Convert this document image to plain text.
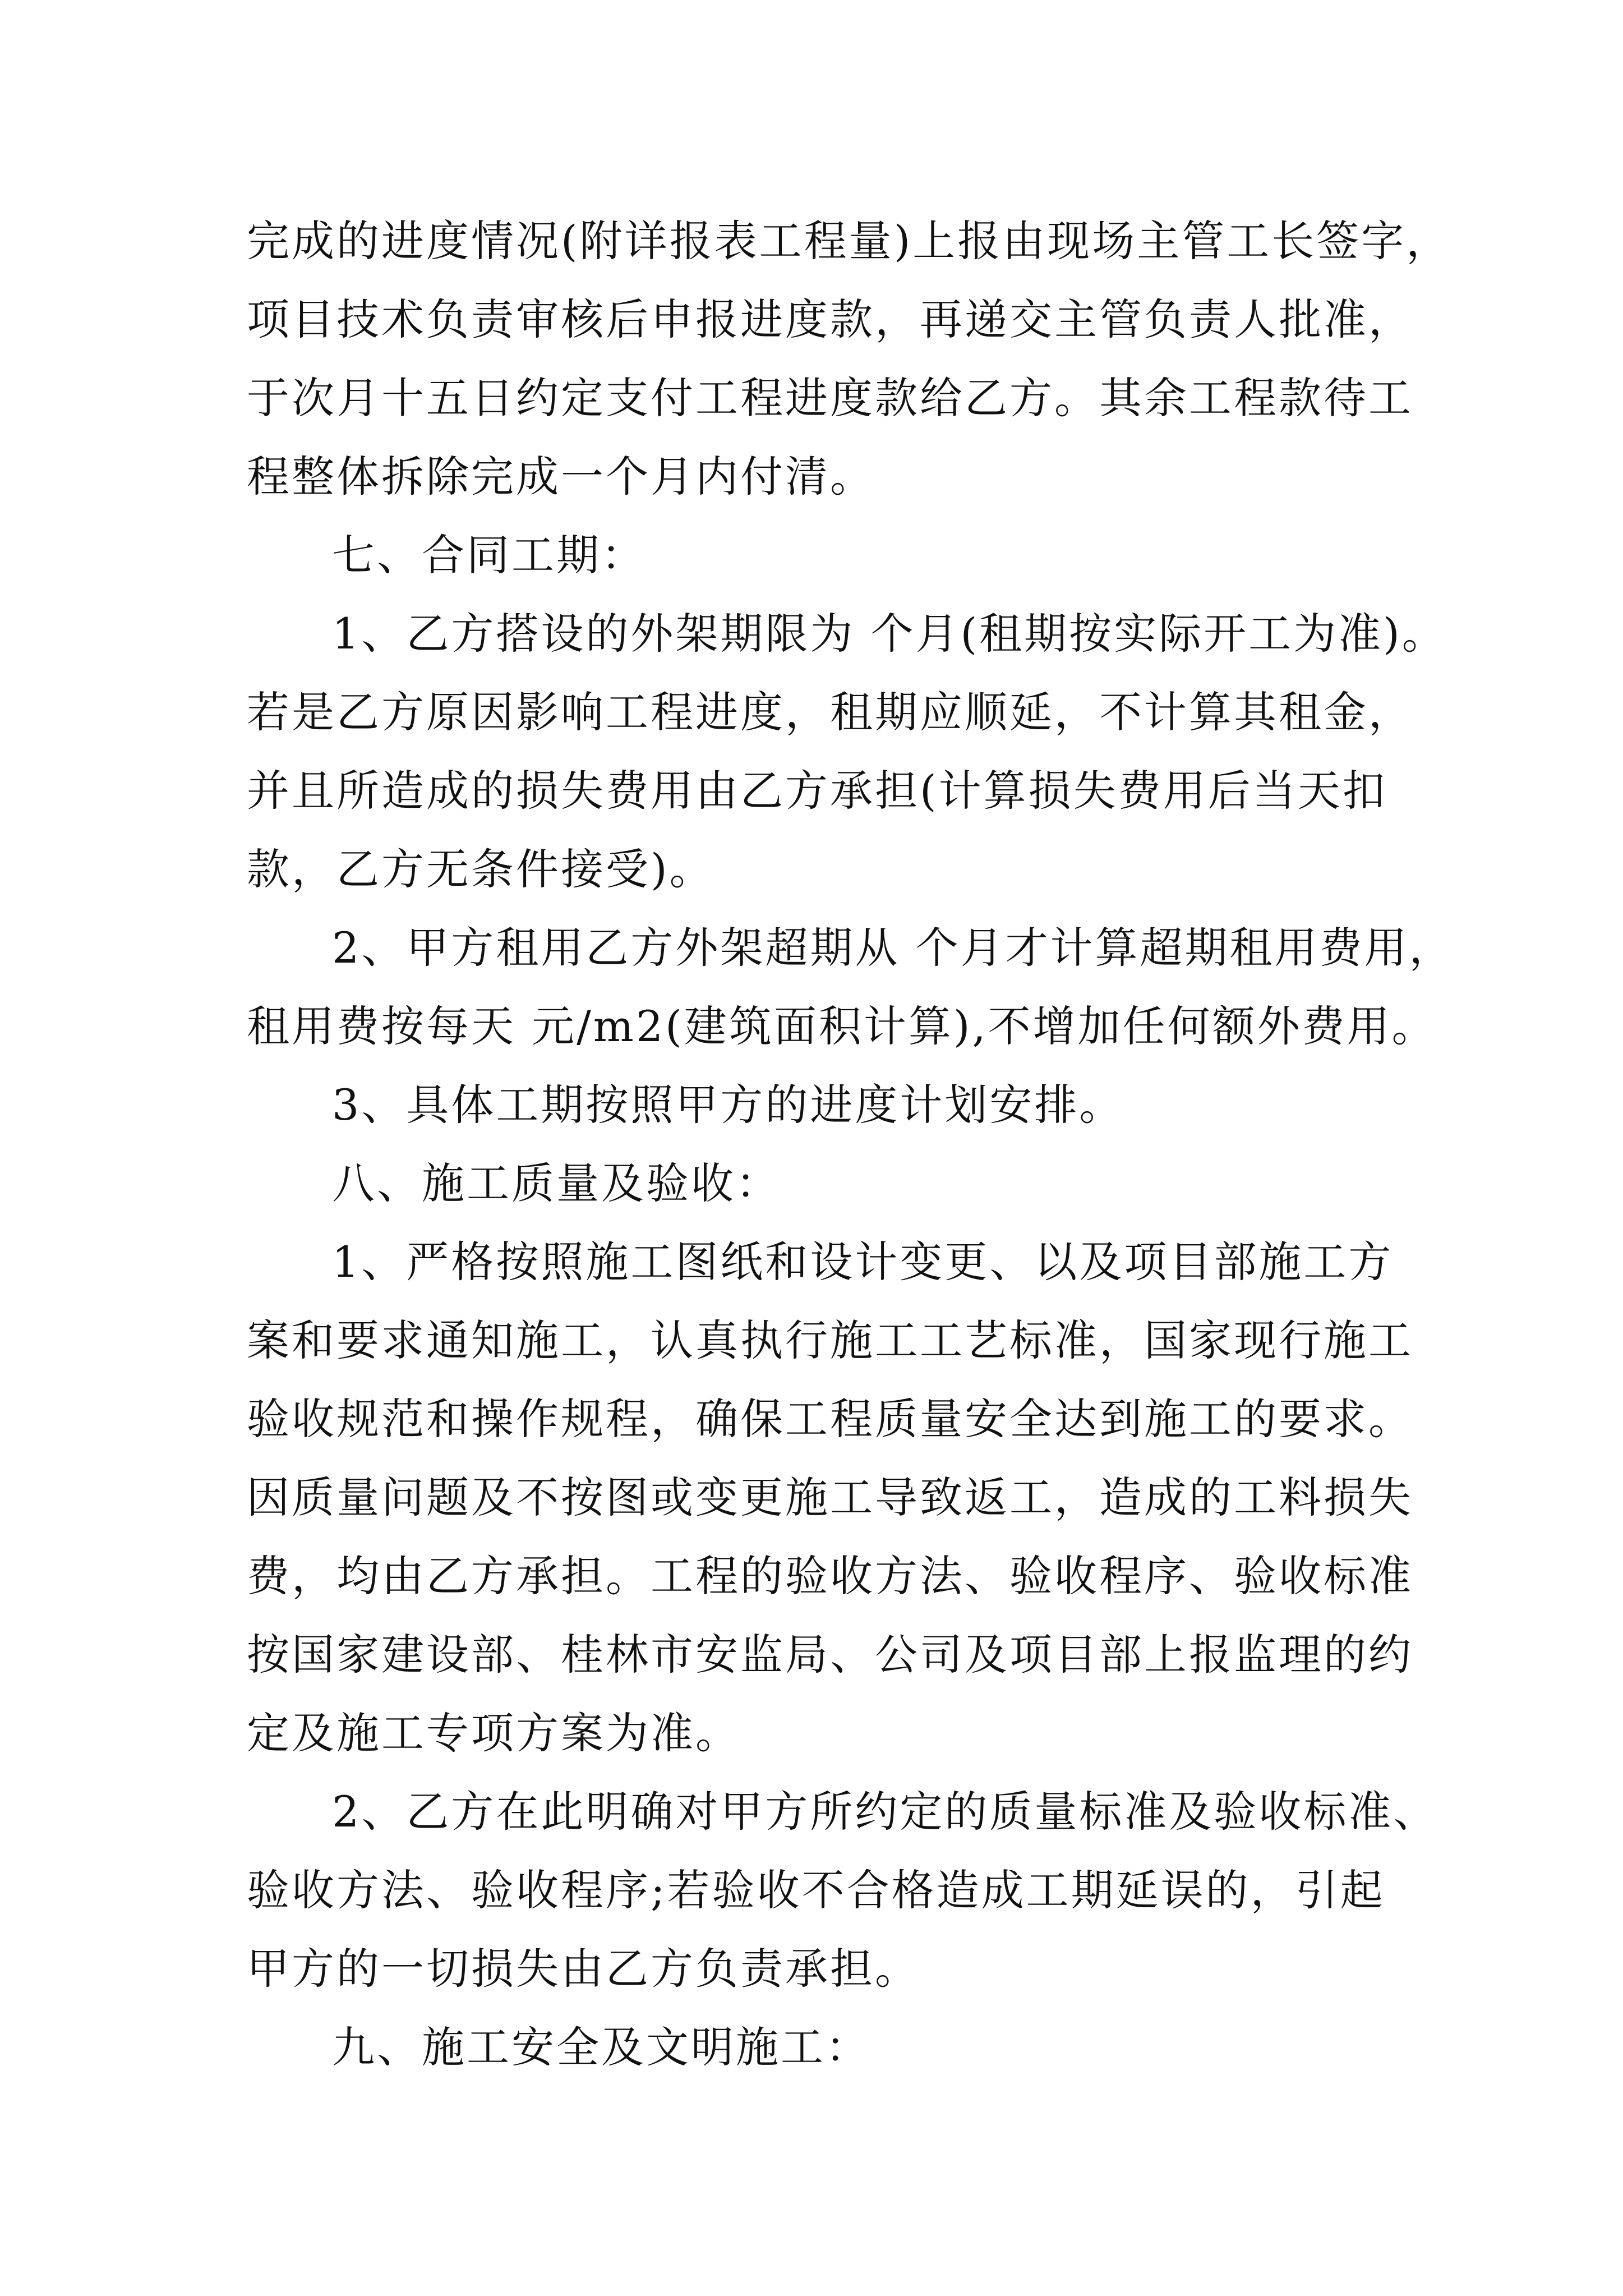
完成的进度情况(附详报表工程量)上报由现场主管工长签字，
项目技术负责审核后申报进度款，再递交主管负责人批准，
于次月十五日约定支付工程进度款给乙方。其余工程款待工
程整体拆除完成一个月内付清。
七、合同工期：
1、乙方搭设的外架期限为 个月(租期按实际开工为准)。
若是乙方原因影响工程进度，租期应顺延，不计算其租金，
并且所造成的损失费用由乙方承担(计算损失费用后当天扣
款，乙方无条件接受)。
2、甲方租用乙方外架超期从 个月才计算超期租用费用，
租用费按每天 元/m2(建筑面积计算),不增加任何额外费用。
3、具体工期按照甲方的进度计划安排。
八、施工质量及验收：
1、严格按照施工图纸和设计变更、以及项目部施工方
案和要求通知施工，认真执行施工工艺标准，国家现行施工
验收规范和操作规程，确保工程质量安全达到施工的要求。
因质量问题及不按图或变更施工导致返工，造成的工料损失
费，均由乙方承担。工程的验收方法、验收程序、验收标准
按国家建设部、桂林市安监局、公司及项目部上报监理的约
定及施工专项方案为准。
2、乙方在此明确对甲方所约定的质量标准及验收标准、
验收方法、验收程序;若验收不合格造成工期延误的，引起
甲方的一切损失由乙方负责承担。
九、施工安全及文明施工：
